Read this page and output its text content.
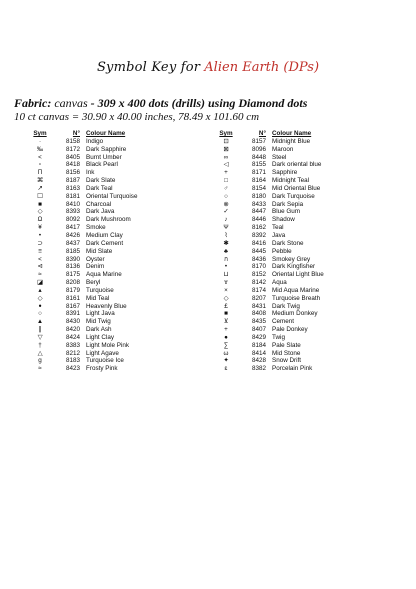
Symbol Key for Alien Earth (DPs)
Fabric: canvas - 309 x 400 dots (drills) using Diamond dots
10 ct canvas = 30.90 x 40.00 inches, 78.49 x 101.60 cm
Sym	N° Colour Name
·	8158 Indigo
‰	8172 Dark Sapphire
<	8405 Burnt Umber
▫	8418 Black Pearl
Π	8156 Ink
⌘	8187 Dark Slate
↗	8163 Dark Teal
☐	8181 Oriental Turquoise
■	8410 Charcoal
◇	8393 Dark Java
Ω	8092 Dark Mushroom
¥	8417 Smoke
•	8426 Medium Clay
⊃	8437 Dark Cement
≡	8185 Mid Slate
<	8390 Oyster
⊲	8136 Denim
≈	8175 Aqua Marine
◪	8208 Beryl
▴	8179 Turquoise
◇	8161 Mid Teal
ꔷ	8167 Heavenly Blue
○	8391 Light Java
▲	8430 Mid Twig
∥	8420 Dark Ash
▽	8424 Light Clay
†	8383 Light Mole Pink
△	8212 Light Agave
g	8183 Turquoise Ice
≈	8423 Frosty Pink
Sym	N° Colour Name
⊡	8157 Midnight Blue
⊠	8096 Maroon
∞	8448 Steel
◁	8155 Dark oriental blue
+	8171 Sapphire
□	8164 Midnight Teal
♂	8154 Mid Oriental Blue
○	8180 Dark Turquoise
⊗	8433 Dark Sepia
✓	8447 Blue Gum
♪	8446 Shadow
Ψ	8162 Teal
⌇	8392 Java
✱	8416 Dark Stone
♣	8445 Pebble
ก	8436 Smokey Grey
•	8170 Dark Kingfisher
⊔	8152 Oriental Light Blue
ɤ	8142 Aqua
×	8174 Mid Aqua Marine
◇	8207 Turquoise Breath
£	8431 Dark Twig
■	8408 Medium Donkey
⊻	8435 Cement
+	8407 Pale Donkey
●	8429 Twig
∑	8184 Pale Slate
ω	8414 Mid Stone
✦	8428 Snow Drift
ɛ	8382 Porcelain Pink
